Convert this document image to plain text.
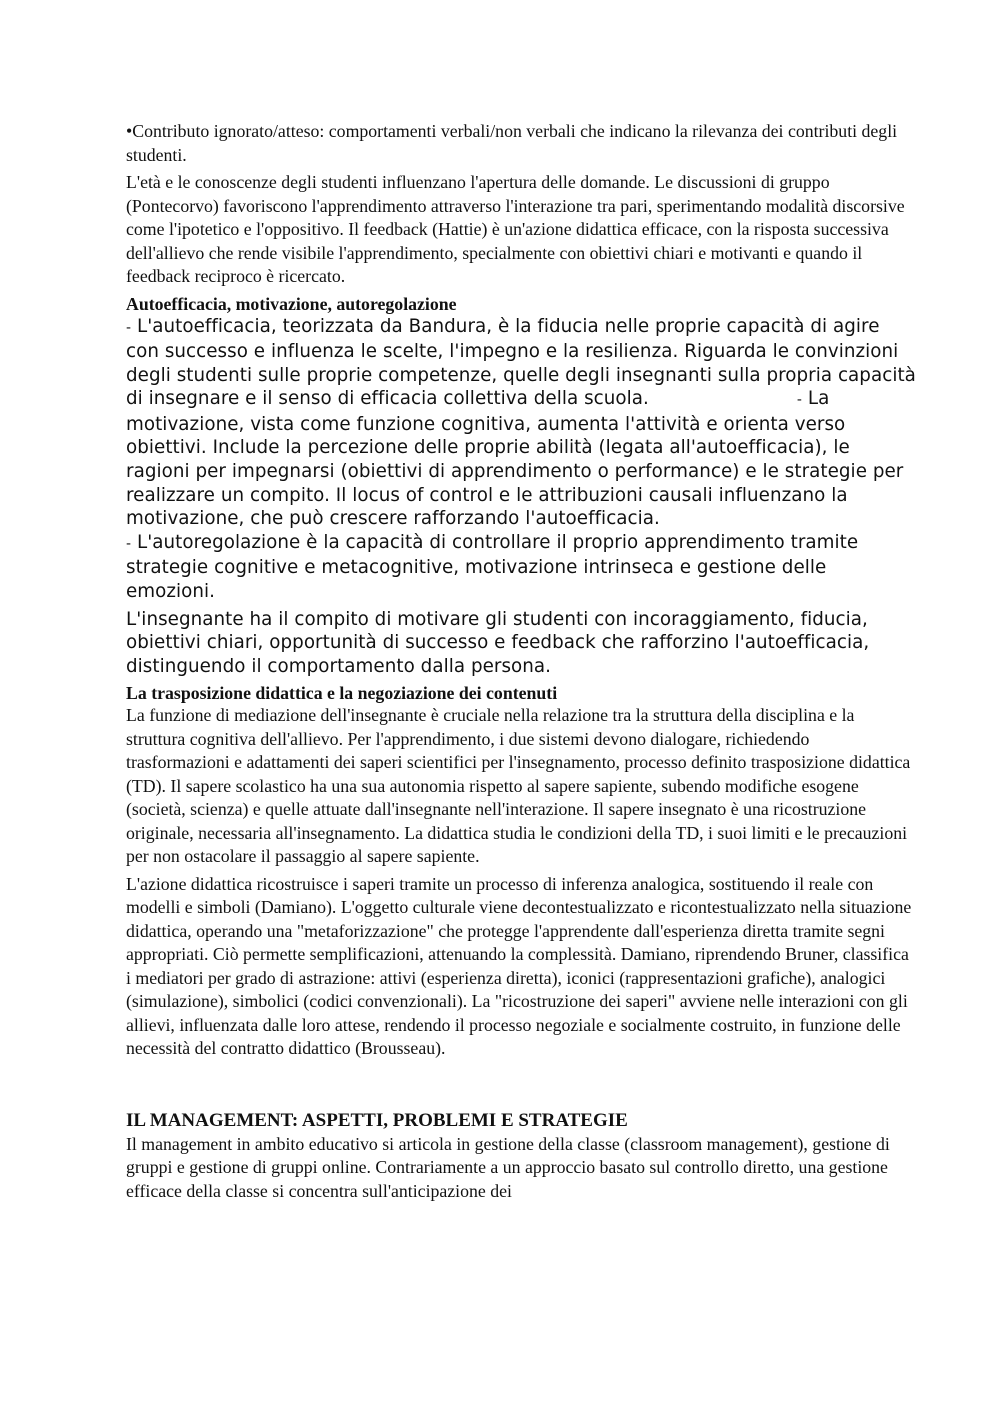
•Contributo ignorato/atteso: comportamenti verbali/non verbali che indicano la rilevanza dei contributi degli studenti.

L'età e le conoscenze degli studenti influenzano l'apertura delle domande. Le discussioni di gruppo (Pontecorvo) favoriscono l'apprendimento attraverso l'interazione tra pari, sperimentando modalità discorsive come l'ipotetico e l'oppositivo. Il feedback (Hattie) è un'azione didattica efficace, con la risposta successiva dell'allievo che rende visibile l'apprendimento, specialmente con obiettivi chiari e motivanti e quando il feedback reciproco è ricercato.

Autoefficacia, motivazione, autoregolazione

- L'autoefficacia, teorizzata da Bandura, è la fiducia nelle proprie capacità di agire con successo e influenza le scelte, l'impegno e la resilienza. Riguarda le convinzioni degli studenti sulle proprie competenze, quelle degli insegnanti sulla propria capacità di insegnare e il senso di efficacia collettiva della scuola.	- La motivazione, vista come funzione cognitiva, aumenta l'attività e orienta verso obiettivi. Include la percezione delle proprie abilità (legata all'autoefficacia), le ragioni per impegnarsi (obiettivi di apprendimento o performance) e le strategie per realizzare un compito. Il locus of control e le attribuzioni causali influenzano la motivazione, che può crescere rafforzando l'autoefficacia.

- L'autoregolazione è la capacità di controllare il proprio apprendimento tramite strategie cognitive e metacognitive, motivazione intrinseca e gestione delle emozioni.

L'insegnante ha il compito di motivare gli studenti con incoraggiamento, fiducia, obiettivi chiari, opportunità di successo e feedback che rafforzino l'autoefficacia, distinguendo il comportamento dalla persona.

La trasposizione didattica e la negoziazione dei contenuti

La funzione di mediazione dell'insegnante è cruciale nella relazione tra la struttura della disciplina e la struttura cognitiva dell'allievo. Per l'apprendimento, i due sistemi devono dialogare, richiedendo trasformazioni e adattamenti dei saperi scientifici per l'insegnamento, processo definito trasposizione didattica (TD). Il sapere scolastico ha una sua autonomia rispetto al sapere sapiente, subendo modifiche esogene (società, scienza) e quelle attuate dall'insegnante nell'interazione. Il sapere insegnato è una ricostruzione originale, necessaria all'insegnamento. La didattica studia le condizioni della TD, i suoi limiti e le precauzioni per non ostacolare il passaggio al sapere sapiente.

L'azione didattica ricostruisce i saperi tramite un processo di inferenza analogica, sostituendo il reale con modelli e simboli (Damiano). L'oggetto culturale viene decontestualizzato e ricontestualizzato nella situazione didattica, operando una "metaforizzazione" che protegge l'apprendente dall'esperienza diretta tramite segni appropriati. Ciò permette semplificazioni, attenuando la complessità. Damiano, riprendendo Bruner, classifica i mediatori per grado di astrazione: attivi (esperienza diretta), iconici (rappresentazioni grafiche), analogici (simulazione), simbolici (codici convenzionali). La "ricostruzione dei saperi" avviene nelle interazioni con gli allievi, influenzata dalle loro attese, rendendo il processo negoziale e socialmente costruito, in funzione delle necessità del contratto didattico (Brousseau).

IL MANAGEMENT: ASPETTI, PROBLEMI E STRATEGIE

Il management in ambito educativo si articola in gestione della classe (classroom management), gestione di gruppi e gestione di gruppi online. Contrariamente a un approccio basato sul controllo diretto, una gestione efficace della classe si concentra sull'anticipazione dei
